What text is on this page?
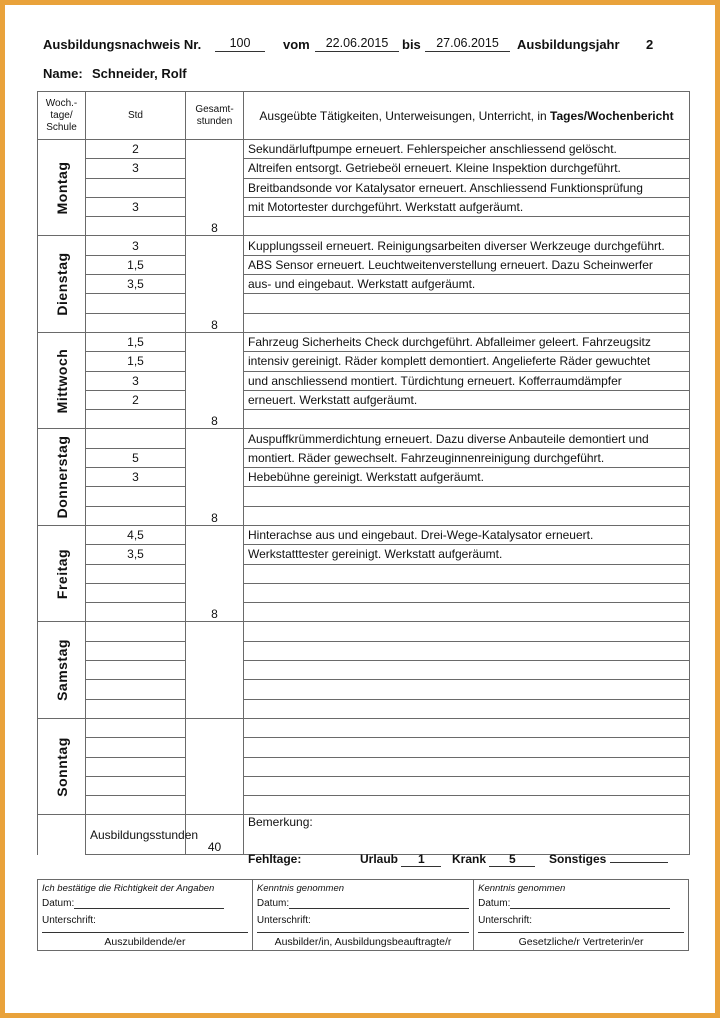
Ausbildungsnachweis Nr.	100	vom	22.06.2015	bis	27.06.2015	Ausbildungsjahr 2
Name: Schneider, Rolf
Woch.-tage/ Schule	Std	Gesamt-stunden	Ausgeübte Tätigkeiten, Unterweisungen, Unterricht, in Tages/Wochenbericht

Montag	2	8	Sekundärluftpumpe erneuert. Fehlerspeicher anschliessend gelöscht.
	3		Altreifen entsorgt. Getriebeöl erneuert. Kleine Inspektion durchgeführt.
			Breitbandsonde vor Katalysator erneuert. Anschliessend Funktionsprüfung
	3		mit Motortester durchgeführt. Werkstatt aufgeräumt.

Dienstag	3	8	Kupplungsseil erneuert. Reinigungsarbeiten diverser Werkzeuge durchgeführt.
	1,5		ABS Sensor erneuert. Leuchtweitenverstellung erneuert. Dazu Scheinwerfer
	3,5		aus- und eingebaut. Werkstatt aufgeräumt.

Mittwoch	1,5	8	Fahrzeug Sicherheits Check durchgeführt. Abfalleimer geleert. Fahrzeugsitz
	1,5		intensiv gereinigt. Räder komplett demontiert. Angelieferte Räder gewuchtet
	3		und anschliessend montiert. Türdichtung erneuert. Kofferraumdämpfer
	2		erneuert. Werkstatt aufgeräumt.

Donnerstag		8	Auspuffkrümmerdichtung erneuert. Dazu diverse Anbauteile demontiert und
	5		montiert. Räder gewechselt. Fahrzeuginnenreinigung durchgeführt.
	3		Hebebühne gereinigt. Werkstatt aufgeräumt.

Freitag	4,5	8	Hinterachse aus und eingebaut. Drei-Wege-Katalysator erneuert.
	3,5		Werkstatttester gereinigt. Werkstatt aufgeräumt.

Samstag			

Sonntag			

	Ausbildungsstunden	40	Bemerkung:

Fehltage:	Urlaub 1	Krank 5	Sonstiges
Ich bestätige die Richtigkeit der Angaben
Datum:
Unterschrift:
Auszubildende/er
Kenntnis genommen
Datum:
Unterschrift:
Ausbilder/in, Ausbildungsbeauftragte/r
Kenntnis genommen
Datum:
Unterschrift:
Gesetzliche/r Vertreterin/er
